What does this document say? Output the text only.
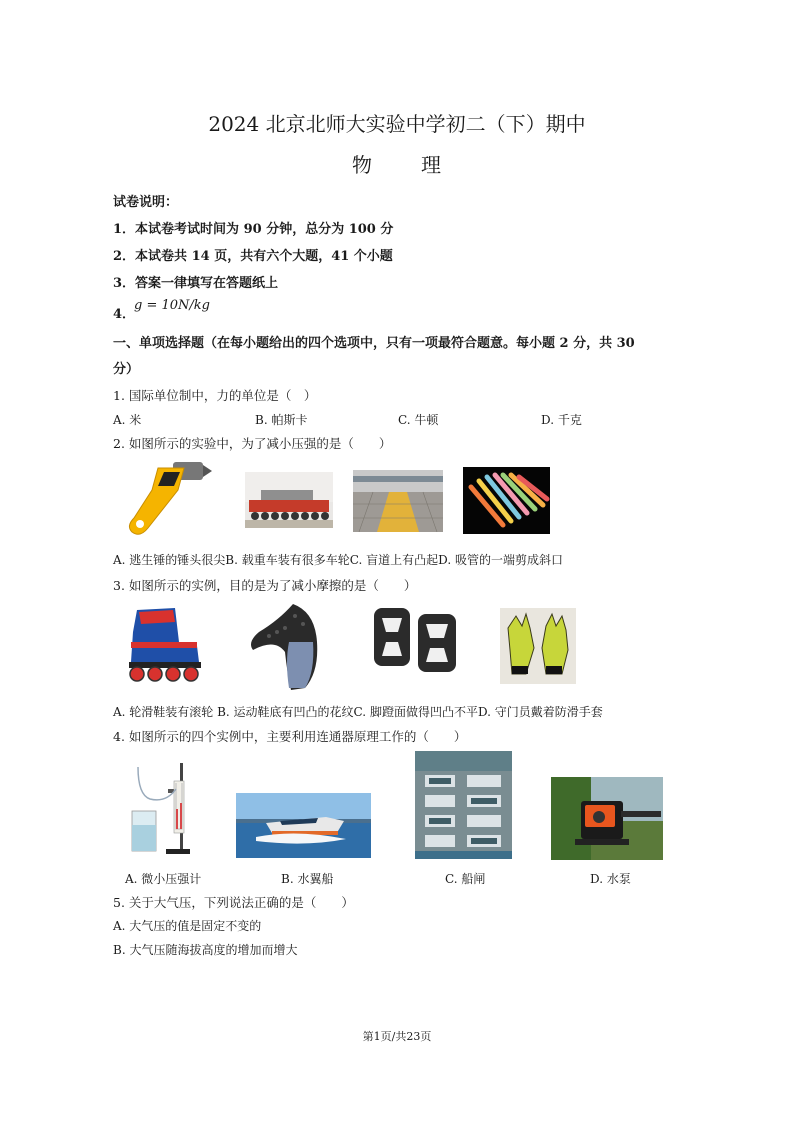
2024 北京北师大实验中学初二（下）期中
物 理
试卷说明：
1．本试卷考试时间为 90 分钟，总分为 100 分
2．本试卷共 14 页，共有六个大题，41 个小题
3．答案一律填写在答题纸上
4．
g = 10N/kg
一、单项选择题（在每小题给出的四个选项中，只有一项最符合题意。每小题 2 分，共 30
分）
1. 国际单位制中，力的单位是（　）
A. 米	B. 帕斯卡	C. 牛顿	D. 千克
2. 如图所示的实验中，为了减小压强的是（　　）
A. 逃生锤的锤头很尖B. 载重车装有很多车轮C. 盲道上有凸起D. 吸管的一端剪成斜口
3. 如图所示的实例，目的是为了减小摩擦的是（　　）
A. 轮滑鞋装有滚轮 B. 运动鞋底有凹凸的花纹C. 脚蹬面做得凹凸不平D. 守门员戴着防滑手套
4. 如图所示的四个实例中，主要利用连通器原理工作的（　　）
A. 微小压强计	B. 水翼船	C. 船闸	D. 水泵
5. 关于大气压，下列说法正确的是（　　）
A. 大气压的值是固定不变的
B. 大气压随海拔高度的增加而增大
第1页/共23页
